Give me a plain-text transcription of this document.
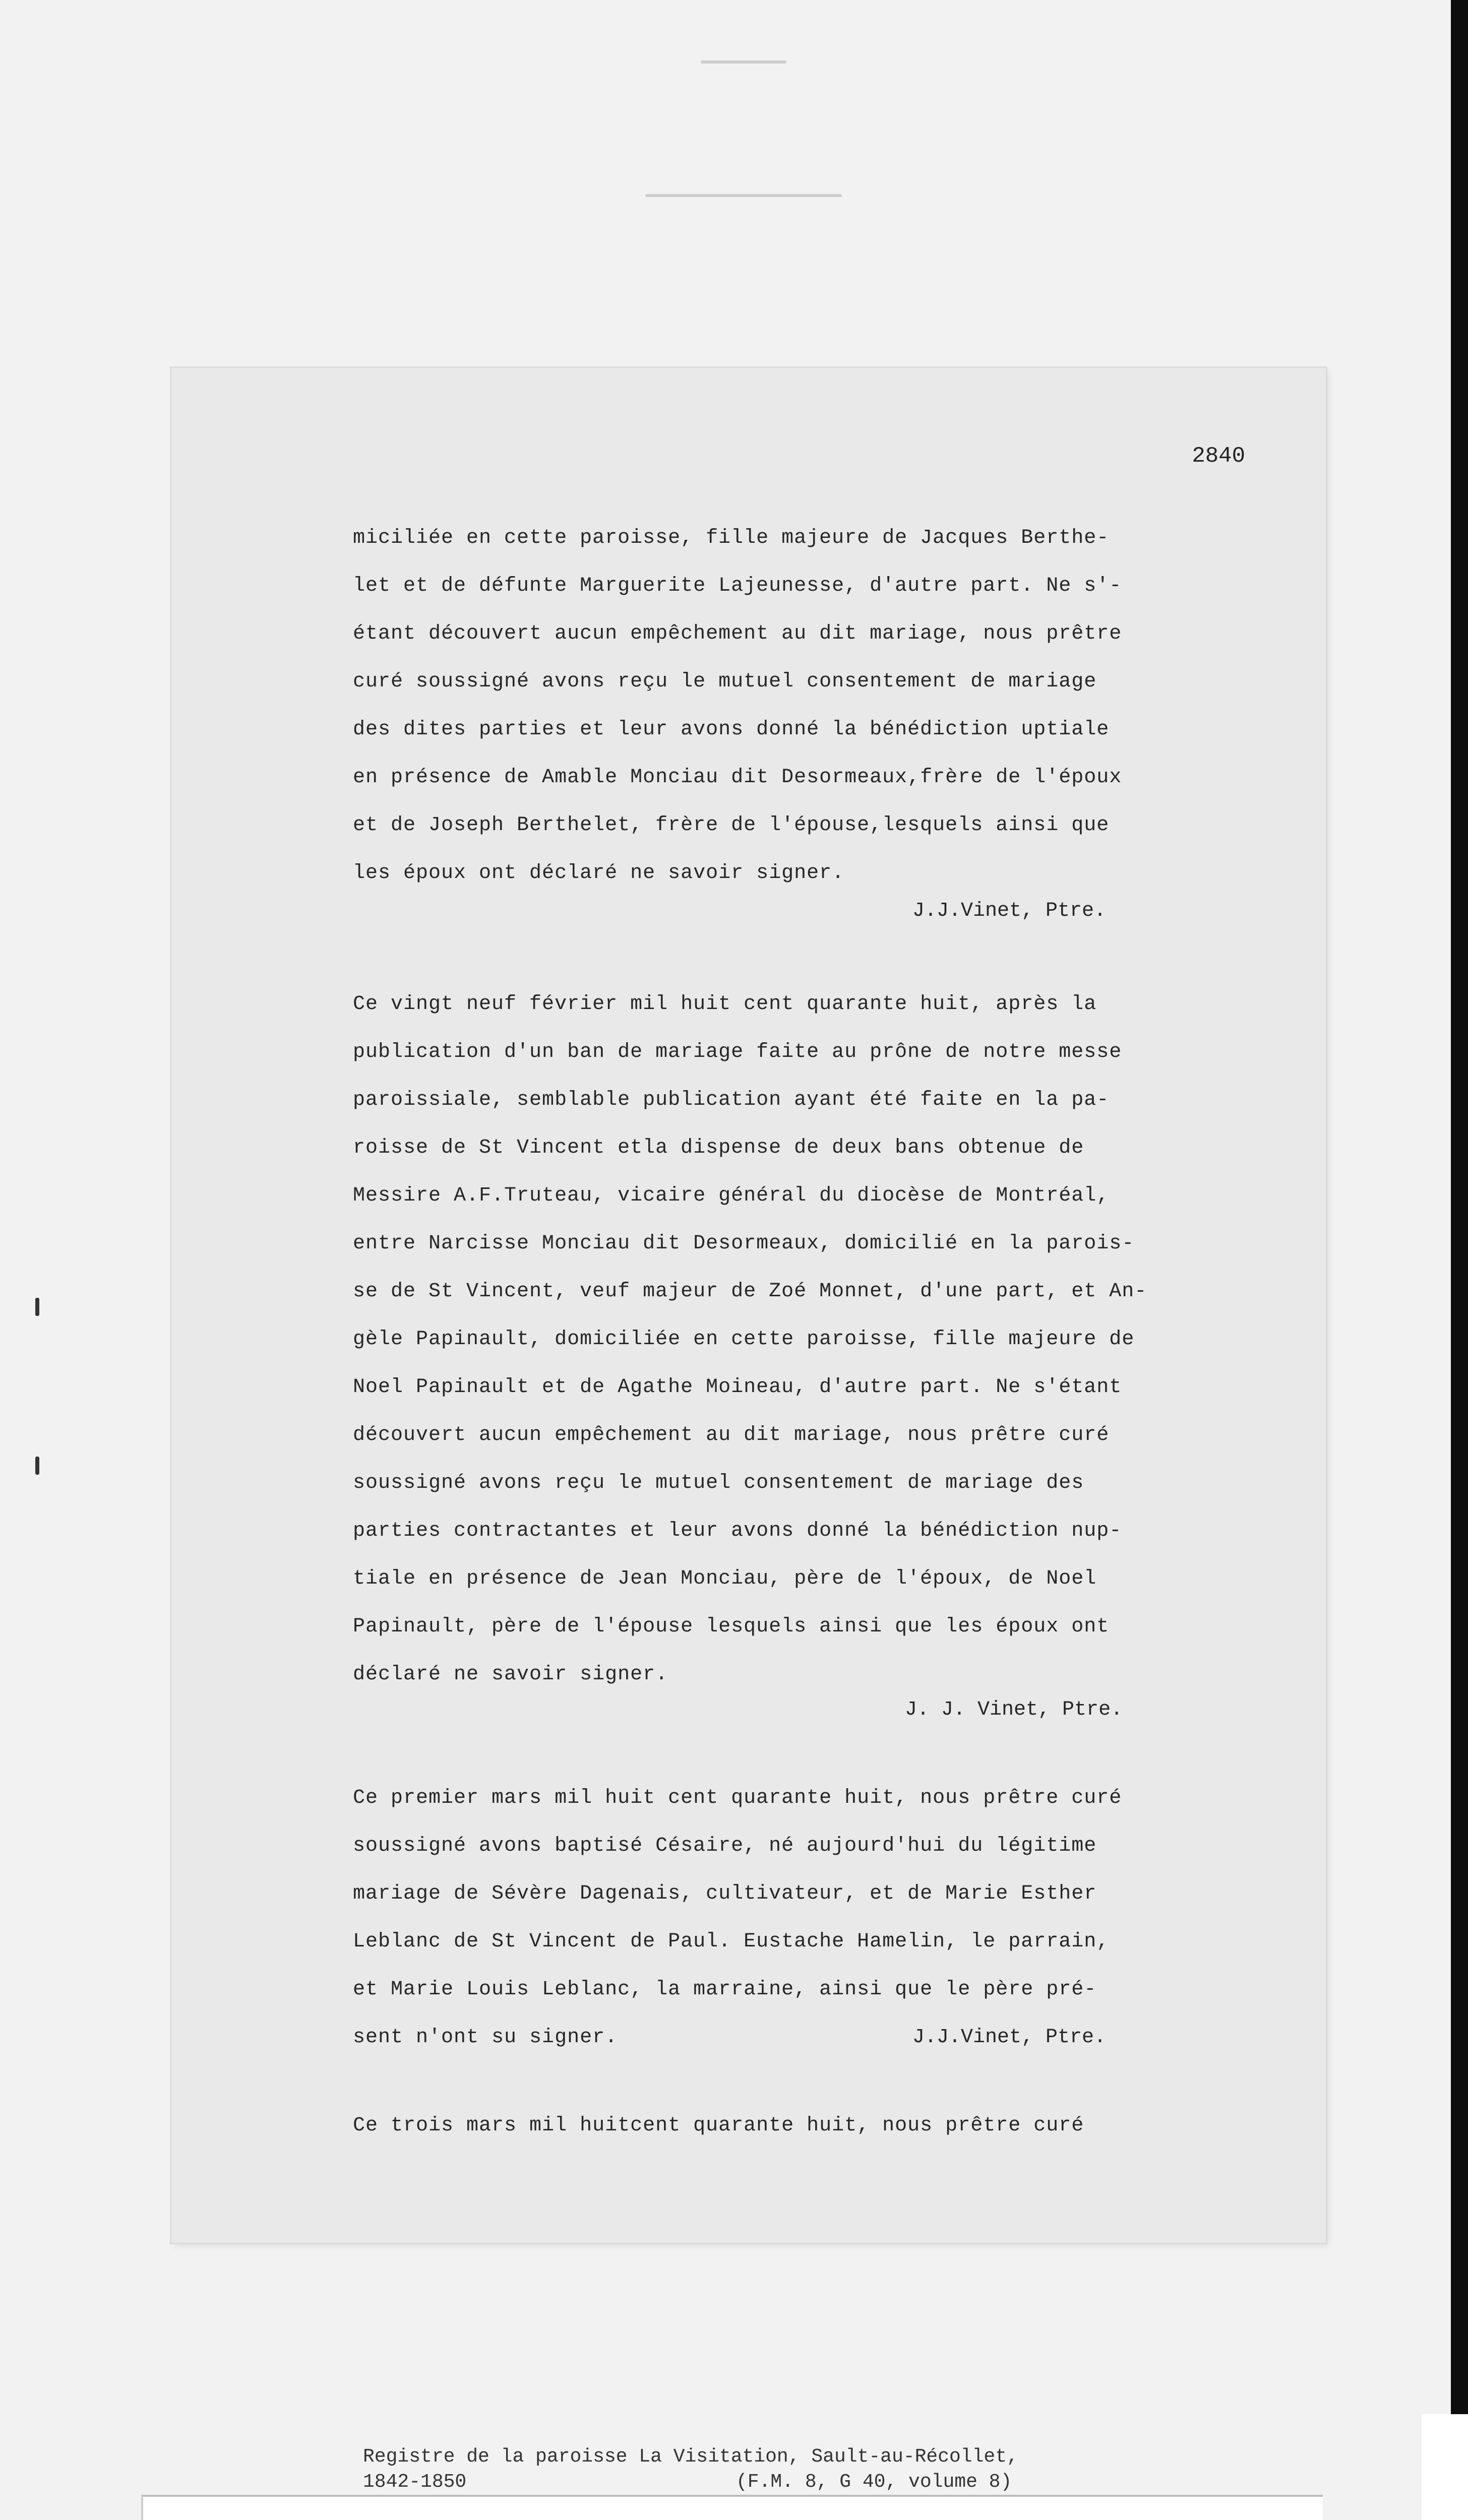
2840
miciliée en cette paroisse, fille majeure de Jacques Berthe-
let et de défunte Marguerite Lajeunesse, d'autre part. Ne s'-
étant découvert aucun empêchement au dit mariage, nous prêtre
curé soussigné avons reçu le mutuel consentement de mariage
des dites parties et leur avons donné la bénédiction uptiale
en présence de Amable Monciau dit Desormeaux,frère de l'époux
et de Joseph Berthelet, frère de l'épouse,lesquels ainsi que
les époux ont déclaré ne savoir signer.
J.J.Vinet, Ptre.
Ce vingt neuf février mil huit cent quarante huit, après la
publication d'un ban de mariage faite au prône de notre messe
paroissiale, semblable publication ayant été faite en la pa-
roisse de St Vincent etla dispense de deux bans obtenue de
Messire A.F.Truteau, vicaire général du diocèse de Montréal,
entre Narcisse Monciau dit Desormeaux, domicilié en la parois-
se de St Vincent, veuf majeur de Zoé Monnet, d'une part, et An-
gèle Papinault, domiciliée en cette paroisse, fille majeure de
Noel Papinault et de Agathe Moineau, d'autre part. Ne s'étant
découvert aucun empêchement au dit mariage, nous prêtre curé
soussigné avons reçu le mutuel consentement de mariage des
parties contractantes et leur avons donné la bénédiction nup-
tiale en présence de Jean Monciau, père de l'époux, de Noel
Papinault, père de l'épouse lesquels ainsi que les époux ont
déclaré ne savoir signer.
J. J. Vinet, Ptre.
Ce premier mars mil huit cent quarante huit, nous prêtre curé
soussigné avons baptisé Césaire, né aujourd'hui du légitime
mariage de Sévère Dagenais, cultivateur, et de Marie Esther
Leblanc de St Vincent de Paul. Eustache Hamelin, le parrain,
et Marie Louis Leblanc, la marraine, ainsi que le père pré-
sent n'ont su signer.	J.J.Vinet, Ptre.
Ce trois mars mil huitcent quarante huit, nous prêtre curé
Registre de la paroisse La Visitation, Sault-au-Récollet,
1842-1850	(F.M. 8, G 40, volume 8)
